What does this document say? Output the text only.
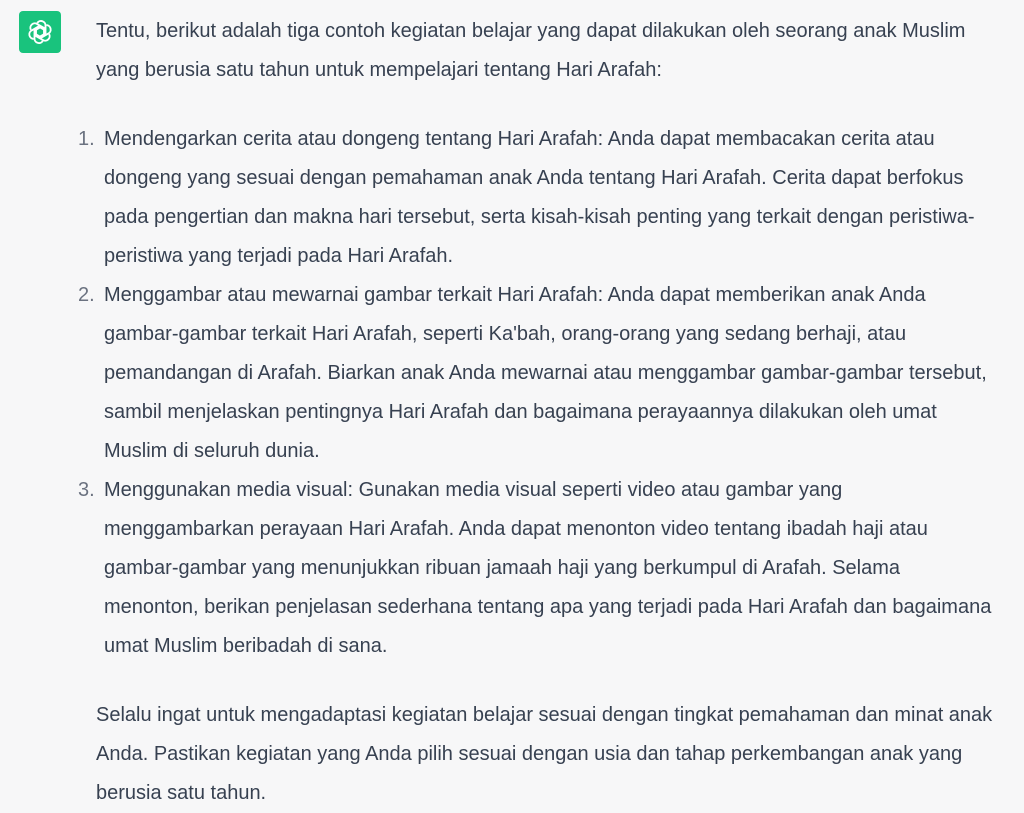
Tentu, berikut adalah tiga contoh kegiatan belajar yang dapat dilakukan oleh seorang anak Muslim yang berusia satu tahun untuk mempelajari tentang Hari Arafah:

1. Mendengarkan cerita atau dongeng tentang Hari Arafah: Anda dapat membacakan cerita atau dongeng yang sesuai dengan pemahaman anak Anda tentang Hari Arafah. Cerita dapat berfokus pada pengertian dan makna hari tersebut, serta kisah-kisah penting yang terkait dengan peristiwa-peristiwa yang terjadi pada Hari Arafah.
2. Menggambar atau mewarnai gambar terkait Hari Arafah: Anda dapat memberikan anak Anda gambar-gambar terkait Hari Arafah, seperti Ka'bah, orang-orang yang sedang berhaji, atau pemandangan di Arafah. Biarkan anak Anda mewarnai atau menggambar gambar-gambar tersebut, sambil menjelaskan pentingnya Hari Arafah dan bagaimana perayaannya dilakukan oleh umat Muslim di seluruh dunia.
3. Menggunakan media visual: Gunakan media visual seperti video atau gambar yang menggambarkan perayaan Hari Arafah. Anda dapat menonton video tentang ibadah haji atau gambar-gambar yang menunjukkan ribuan jamaah haji yang berkumpul di Arafah. Selama menonton, berikan penjelasan sederhana tentang apa yang terjadi pada Hari Arafah dan bagaimana umat Muslim beribadah di sana.

Selalu ingat untuk mengadaptasi kegiatan belajar sesuai dengan tingkat pemahaman dan minat anak Anda. Pastikan kegiatan yang Anda pilih sesuai dengan usia dan tahap perkembangan anak yang berusia satu tahun.
